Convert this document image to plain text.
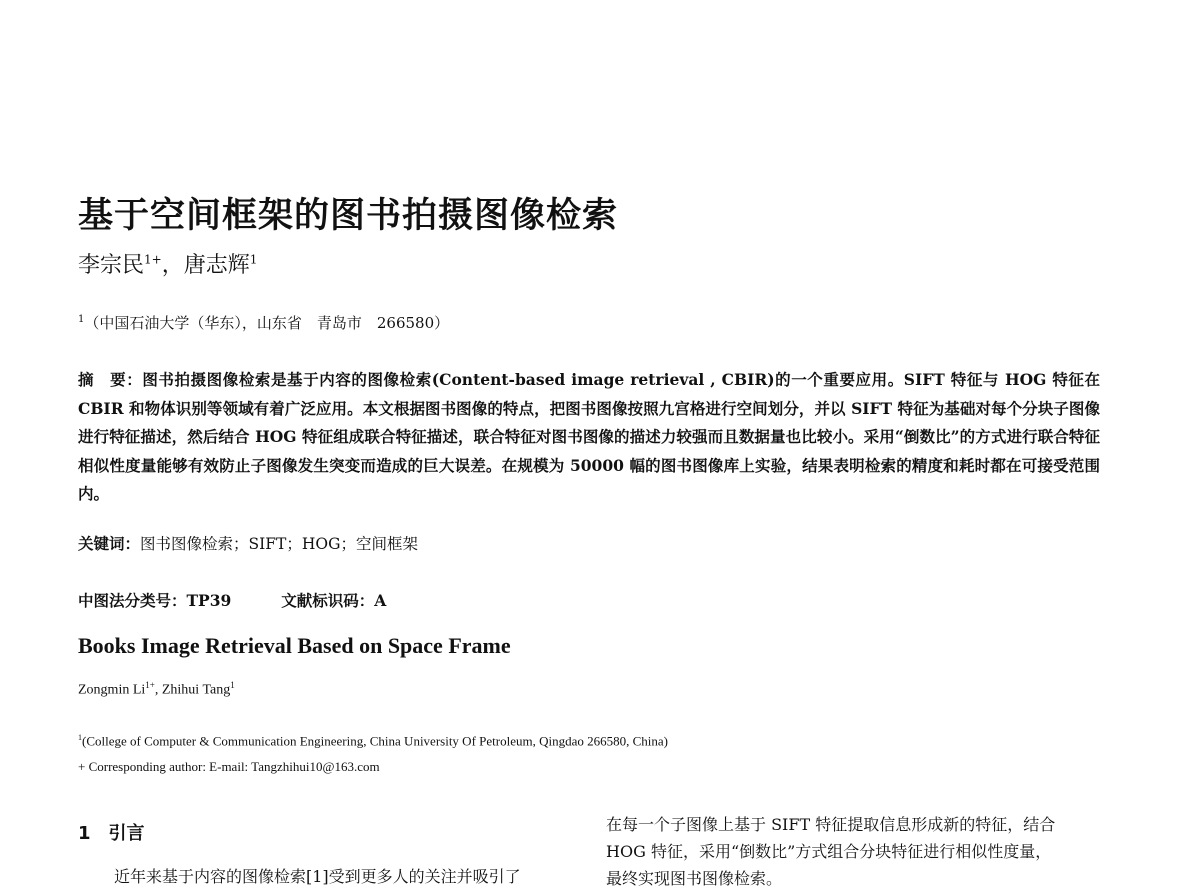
基于空间框架的图书拍摄图像检索
李宗民$^{1+}$，唐志辉$^1$
$^1$（中国石油大学（华东），山东省　青岛市　266580）
摘　要：图书拍摄图像检索是基于内容的图像检索(Content-based image retrieval , CBIR)的一个重要应用。SIFT 特征与 HOG 特征在 CBIR 和物体识别等领域有着广泛应用。本文根据图书图像的特点，把图书图像按照九宫格进行空间划分，并以 SIFT 特征为基础对每个分块子图像进行特征描述，然后结合 HOG 特征组成联合特征描述，联合特征对图书图像的描述力较强而且数据量也比较小。采用“倒数比”的方式进行联合特征相似性度量能够有效防止子图像发生突变而造成的巨大误差。在规模为 50000 幅的图书图像库上实验，结果表明检索的精度和耗时都在可接受范围内。
关键词：图书图像检索；SIFT；HOG；空间框架
中图法分类号：TP39	文献标识码：A
Books Image Retrieval Based on Space Frame
Zongmin $Li^{1+}$, Zhihui Tang$^1$
$^1$(College of Computer & Communication Engineering, China University Of Petroleum, Qingdao 266580, China)
+ Corresponding author: E-mail: Tangzhihui10@163.com
1 引言
近年来基于内容的图像检索[1]受到更多人的关注并吸引了
在每一个子图像上基于 SIFT 特征提取信息形成新的特征，结合
HOG 特征，采用“倒数比”方式组合分块特征进行相似性度量，
最终实现图书图像检索。
